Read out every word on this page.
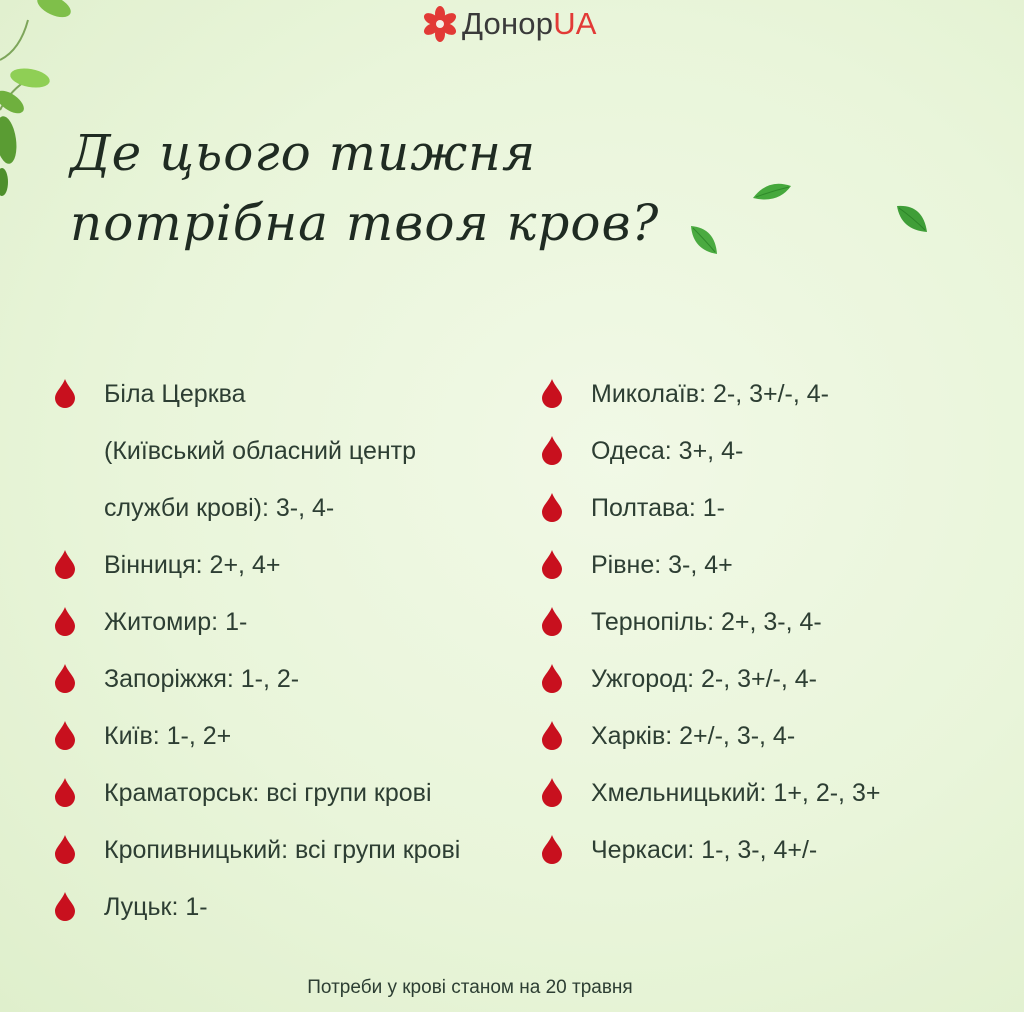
ДонорUA
Де цього тижня
потрібна твоя кров?
Біла Церква
(Київський обласний центр
служби крові): 3-, 4-
Вінниця: 2+, 4+
Житомир: 1-
Запоріжжя: 1-, 2-
Київ: 1-, 2+
Краматорськ: всі групи крові
Кропивницький: всі групи крові
Луцьк: 1-
Миколаїв: 2-, 3+/-, 4-
Одеса: 3+, 4-
Полтава: 1-
Рівне: 3-, 4+
Тернопіль: 2+, 3-, 4-
Ужгород: 2-, 3+/-, 4-
Харків: 2+/-, 3-, 4-
Хмельницький: 1+, 2-, 3+
Черкаси: 1-, 3-, 4+/-
Потреби у крові станом на 20 травня
